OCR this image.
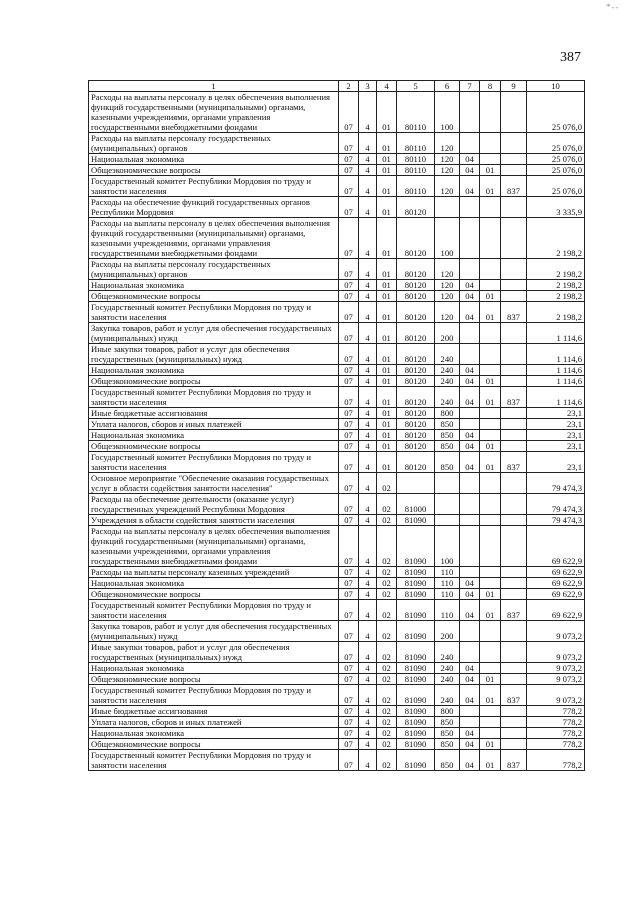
*--
387
1	2	3	4	5	6	7	8	9	10
Расходы на выплаты персоналу в целях обеспечения выполнения функций государственными (муниципальными) органами, казенными учреждениями, органами управления государственными внебюджетными фондами	07	4	01	80110	100				25 076,0
Расходы на выплаты персоналу государственных (муниципальных) органов	07	4	01	80110	120				25 076,0
Национальная экономика	07	4	01	80110	120	04			25 076,0
Общеэкономические вопросы	07	4	01	80110	120	04	01		25 076,0
Государственный комитет Республики Мордовия по труду и занятости населения	07	4	01	80110	120	04	01	837	25 076,0
Расходы на обеспечение функций государственных органов Республики Мордовия	07	4	01	80120					3 335,9
Расходы на выплаты персоналу в целях обеспечения выполнения функций государственными (муниципальными) органами, казенными учреждениями, органами управления государственными внебюджетными фондами	07	4	01	80120	100				2 198,2
Расходы на выплаты персоналу государственных (муниципальных) органов	07	4	01	80120	120				2 198,2
Национальная экономика	07	4	01	80120	120	04			2 198,2
Общеэкономические вопросы	07	4	01	80120	120	04	01		2 198,2
Государственный комитет Республики Мордовия по труду и занятости населения	07	4	01	80120	120	04	01	837	2 198,2
Закупка товаров, работ и услуг для обеспечения государственных (муниципальных) нужд	07	4	01	80120	200				1 114,6
Иные закупки товаров, работ и услуг для обеспечения государственных (муниципальных) нужд	07	4	01	80120	240				1 114,6
Национальная экономика	07	4	01	80120	240	04			1 114,6
Общеэкономические вопросы	07	4	01	80120	240	04	01		1 114,6
Государственный комитет Республики Мордовия по труду и занятости населения	07	4	01	80120	240	04	01	837	1 114,6
Иные бюджетные ассигнования	07	4	01	80120	800				23,1
Уплата налогов, сборов и иных платежей	07	4	01	80120	850				23,1
Национальная экономика	07	4	01	80120	850	04			23,1
Общеэкономические вопросы	07	4	01	80120	850	04	01		23,1
Государственный комитет Республики Мордовия по труду и занятости населения	07	4	01	80120	850	04	01	837	23,1
Основное мероприятие "Обеспечение оказания государственных услуг в области содействия занятости населения"	07	4	02						79 474,3
Расходы на обеспечение деятельности (оказание услуг) государственных учреждений Республики Мордовия	07	4	02	81000					79 474,3
Учреждения в области содействия занятости населения	07	4	02	81090					79 474,3
Расходы на выплаты персоналу в целях обеспечения выполнения функций государственными (муниципальными) органами, казенными учреждениями, органами управления государственными внебюджетными фондами	07	4	02	81090	100				69 622,9
Расходы на выплаты персоналу казенных учреждений	07	4	02	81090	110				69 622,9
Национальная экономика	07	4	02	81090	110	04			69 622,9
Общеэкономические вопросы	07	4	02	81090	110	04	01		69 622,9
Государственный комитет Республики Мордовия по труду и занятости населения	07	4	02	81090	110	04	01	837	69 622,9
Закупка товаров, работ и услуг для обеспечения государственных (муниципальных) нужд	07	4	02	81090	200				9 073,2
Иные закупки товаров, работ и услуг для обеспечения государственных (муниципальных) нужд	07	4	02	81090	240				9 073,2
Национальная экономика	07	4	02	81090	240	04			9 073,2
Общеэкономические вопросы	07	4	02	81090	240	04	01		9 073,2
Государственный комитет Республики Мордовия по труду и занятости населения	07	4	02	81090	240	04	01	837	9 073,2
Иные бюджетные ассигнования	07	4	02	81090	800				778,2
Уплата налогов, сборов и иных платежей	07	4	02	81090	850				778,2
Национальная экономика	07	4	02	81090	850	04			778,2
Общеэкономические вопросы	07	4	02	81090	850	04	01		778,2
Государственный комитет Республики Мордовия по труду и занятости населения	07	4	02	81090	850	04	01	837	778,2
